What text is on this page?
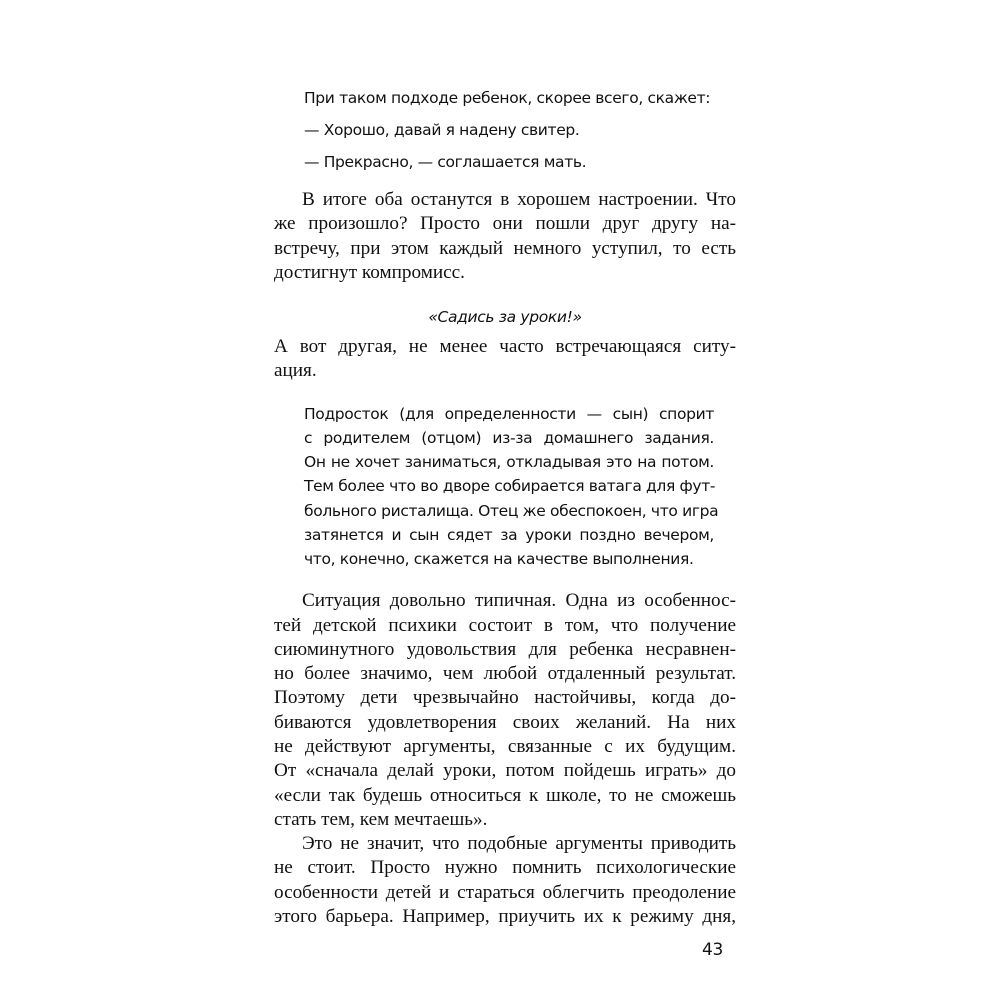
При таком подходе ребенок, скорее всего, скажет:
— Хорошо, давай я надену свитер.
— Прекрасно, — соглашается мать.
В итоге оба останутся в хорошем настроении. Что
же произошло? Просто они пошли друг другу на-
встречу, при этом каждый немного уступил, то есть
достигнут компромисс.
«Садись за уроки!»
А вот другая, не менее часто встречающаяся ситу-
ация.
Подросток (для определенности — сын) спорит
с родителем (отцом) из-за домашнего задания.
Он не хочет заниматься, откладывая это на потом.
Тем более что во дворе собирается ватага для фут-
больного ристалища. Отец же обеспокоен, что игра
затянется и сын сядет за уроки поздно вечером,
что, конечно, скажется на качестве выполнения.
Ситуация довольно типичная. Одна из особеннос-
тей детской психики состоит в том, что получение
сиюминутного удовольствия для ребенка несравнен-
но более значимо, чем любой отдаленный результат.
Поэтому дети чрезвычайно настойчивы, когда до-
биваются удовлетворения своих желаний. На них
не действуют аргументы, связанные с их будущим.
От «сначала делай уроки, потом пойдешь играть» до
«если так будешь относиться к школе, то не сможешь
стать тем, кем мечтаешь».
Это не значит, что подобные аргументы приводить
не стоит. Просто нужно помнить психологические
особенности детей и стараться облегчить преодоление
этого барьера. Например, приучить их к режиму дня,
43
